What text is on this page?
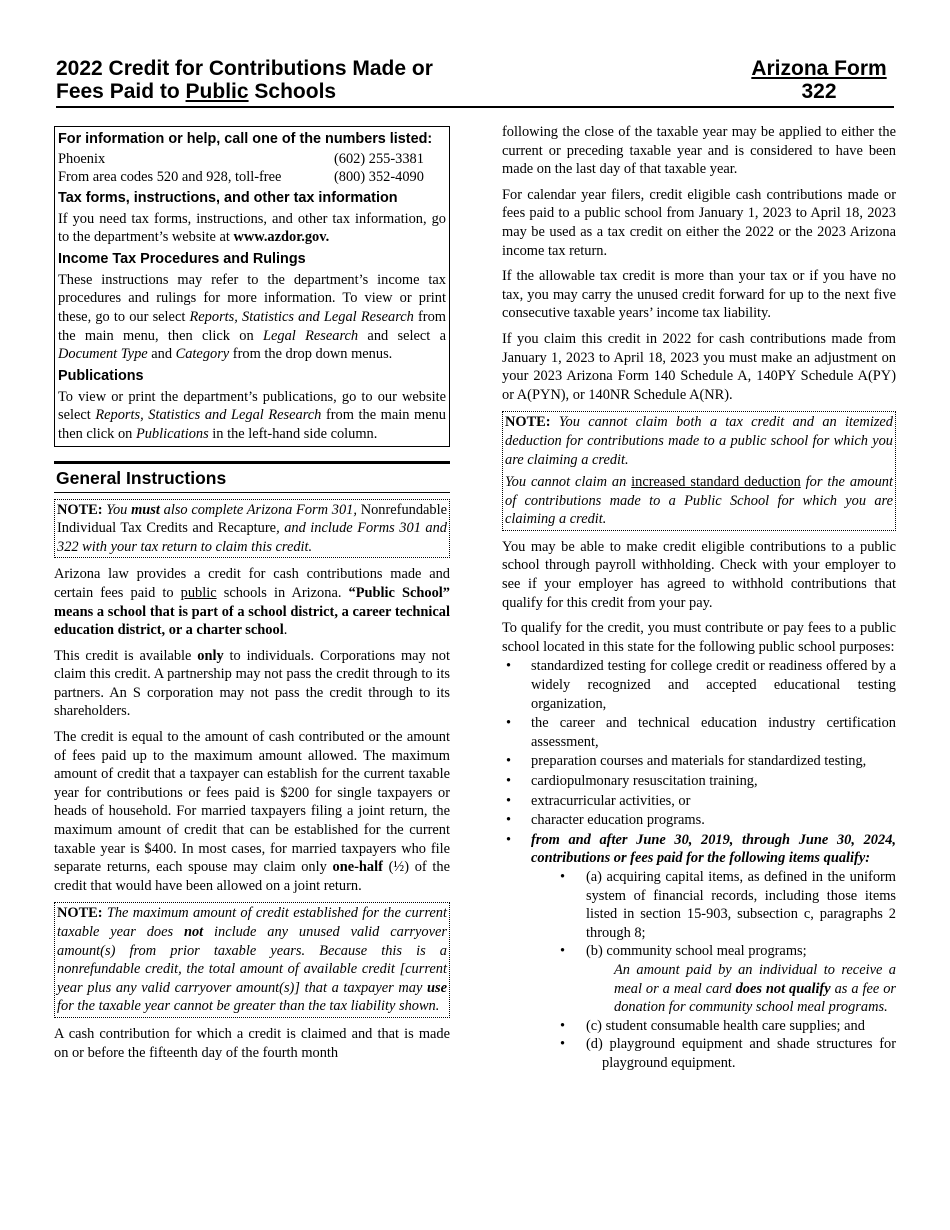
2022 Credit for Contributions Made or
Fees Paid to Public Schools
Arizona Form
322
For information or help, call one of the numbers listed:
Phoenix	(602) 255-3381
From area codes 520 and 928, toll-free	(800) 352-4090
Tax forms, instructions, and other tax information

If you need tax forms, instructions, and other tax information, go to the department’s website at www.azdor.gov.

Income Tax Procedures and Rulings

These instructions may refer to the department’s income tax procedures and rulings for more information. To view or print these, go to our select Reports, Statistics and Legal Research from the main menu, then click on Legal Research and select a Document Type and Category from the drop down menus.

Publications

To view or print the department’s publications, go to our website select Reports, Statistics and Legal Research from the main menu then click on Publications in the left-hand side column.

General Instructions

NOTE: You must also complete Arizona Form 301, Nonrefundable Individual Tax Credits and Recapture, and include Forms 301 and 322 with your tax return to claim this credit.

Arizona law provides a credit for cash contributions made and certain fees paid to public schools in Arizona. “Public School” means a school that is part of a school district, a career technical education district, or a charter school.

This credit is available only to individuals. Corporations may not claim this credit. A partnership may not pass the credit through to its partners. An S corporation may not pass the credit through to its shareholders.

The credit is equal to the amount of cash contributed or the amount of fees paid up to the maximum amount allowed. The maximum amount of credit that a taxpayer can establish for the current taxable year for contributions or fees paid is $200 for single taxpayers or heads of household. For married taxpayers filing a joint return, the maximum amount of credit that can be established for the current taxable year is $400. In most cases, for married taxpayers who file separate returns, each spouse may claim only one-half (½) of the credit that would have been allowed on a joint return.

NOTE: The maximum amount of credit established for the current taxable year does not include any unused valid carryover amount(s) from prior taxable years. Because this is a nonrefundable credit, the total amount of available credit [current year plus any valid carryover amount(s)] that a taxpayer may use for the taxable year cannot be greater than the tax liability shown.

A cash contribution for which a credit is claimed and that is made on or before the fifteenth day of the fourth month

following the close of the taxable year may be applied to either the current or preceding taxable year and is considered to have been made on the last day of that taxable year.

For calendar year filers, credit eligible cash contributions made or fees paid to a public school from January 1, 2023 to April 18, 2023 may be used as a tax credit on either the 2022 or the 2023 Arizona income tax return.

If the allowable tax credit is more than your tax or if you have no tax, you may carry the unused credit forward for up to the next five consecutive taxable years’ income tax liability.

If you claim this credit in 2022 for cash contributions made from January 1, 2023 to April 18, 2023 you must make an adjustment on your 2023 Arizona Form 140 Schedule A, 140PY Schedule A(PY) or A(PYN), or 140NR Schedule A(NR).

NOTE: You cannot claim both a tax credit and an itemized deduction for contributions made to a public school for which you are claiming a credit.

You cannot claim an increased standard deduction for the amount of contributions made to a Public School for which you are claiming a credit.

You may be able to make credit eligible contributions to a public school through payroll withholding. Check with your employer to see if your employer has agreed to withhold contributions that qualify for this credit from your pay.

To qualify for the credit, you must contribute or pay fees to a public school located in this state for the following public school purposes:

• standardized testing for college credit or readiness offered by a widely recognized and accepted educational testing organization,
• the career and technical education industry certification assessment,
• preparation courses and materials for standardized testing,
• cardiopulmonary resuscitation training,
• extracurricular activities, or
• character education programs.
• from and after June 30, 2019, through June 30, 2024, contributions or fees paid for the following items qualify:
• (a) acquiring capital items, as defined in the uniform system of financial records, including those items listed in section 15-903, subsection c, paragraphs 2 through 8;
• (b) community school meal programs;
An amount paid by an individual to receive a meal or a meal card does not qualify as a fee or donation for community school meal programs.
• (c) student consumable health care supplies; and
• (d) playground equipment and shade structures for playground equipment.
